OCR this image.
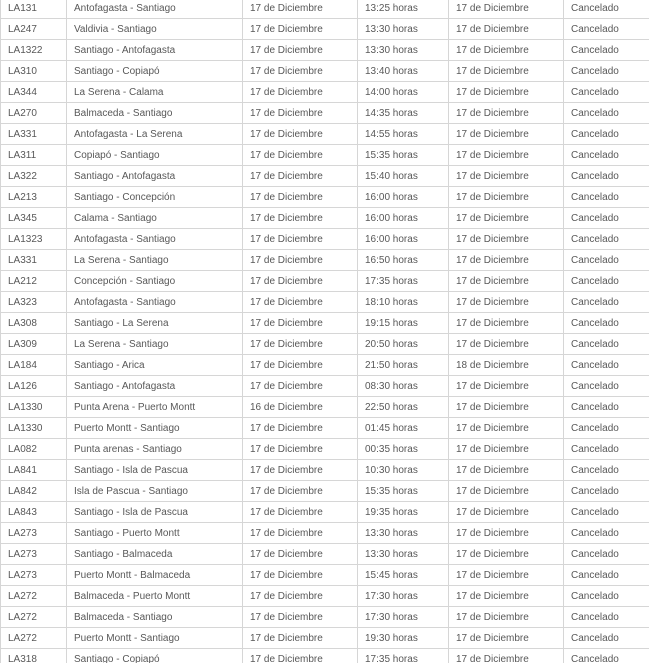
LA131	Antofagasta - Santiago	17 de Diciembre	13:25 horas	17 de Diciembre	Cancelado
LA247	Valdivia - Santiago	17 de Diciembre	13:30 horas	17 de Diciembre	Cancelado
LA1322	Santiago - Antofagasta	17 de Diciembre	13:30 horas	17 de Diciembre	Cancelado
LA310	Santiago - Copiapó	17 de Diciembre	13:40 horas	17 de Diciembre	Cancelado
LA344	La Serena - Calama	17 de Diciembre	14:00 horas	17 de Diciembre	Cancelado
LA270	Balmaceda - Santiago	17 de Diciembre	14:35 horas	17 de Diciembre	Cancelado
LA331	Antofagasta - La Serena	17 de Diciembre	14:55 horas	17 de Diciembre	Cancelado
LA311	Copiapó - Santiago	17 de Diciembre	15:35 horas	17 de Diciembre	Cancelado
LA322	Santiago - Antofagasta	17 de Diciembre	15:40 horas	17 de Diciembre	Cancelado
LA213	Santiago - Concepción	17 de Diciembre	16:00 horas	17 de Diciembre	Cancelado
LA345	Calama - Santiago	17 de Diciembre	16:00 horas	17 de Diciembre	Cancelado
LA1323	Antofagasta - Santiago	17 de Diciembre	16:00 horas	17 de Diciembre	Cancelado
LA331	La Serena - Santiago	17 de Diciembre	16:50 horas	17 de Diciembre	Cancelado
LA212	Concepción - Santiago	17 de Diciembre	17:35 horas	17 de Diciembre	Cancelado
LA323	Antofagasta - Santiago	17 de Diciembre	18:10 horas	17 de Diciembre	Cancelado
LA308	Santiago - La Serena	17 de Diciembre	19:15 horas	17 de Diciembre	Cancelado
LA309	La Serena - Santiago	17 de Diciembre	20:50 horas	17 de Diciembre	Cancelado
LA184	Santiago - Arica	17 de Diciembre	21:50 horas	18 de Diciembre	Cancelado
LA126	Santiago - Antofagasta	17 de Diciembre	08:30 horas	17 de Diciembre	Cancelado
LA1330	Punta Arena - Puerto Montt	16 de Diciembre	22:50 horas	17 de Diciembre	Cancelado
LA1330	Puerto Montt - Santiago	17 de Diciembre	01:45 horas	17 de Diciembre	Cancelado
LA082	Punta arenas - Santiago	17 de Diciembre	00:35 horas	17 de Diciembre	Cancelado
LA841	Santiago - Isla de Pascua	17 de Diciembre	10:30 horas	17 de Diciembre	Cancelado
LA842	Isla de Pascua - Santiago	17 de Diciembre	15:35 horas	17 de Diciembre	Cancelado
LA843	Santiago - Isla de Pascua	17 de Diciembre	19:35 horas	17 de Diciembre	Cancelado
LA273	Santiago - Puerto Montt	17 de Diciembre	13:30 horas	17 de Diciembre	Cancelado
LA273	Santiago - Balmaceda	17 de Diciembre	13:30 horas	17 de Diciembre	Cancelado
LA273	Puerto Montt - Balmaceda	17 de Diciembre	15:45 horas	17 de Diciembre	Cancelado
LA272	Balmaceda - Puerto Montt	17 de Diciembre	17:30 horas	17 de Diciembre	Cancelado
LA272	Balmaceda - Santiago	17 de Diciembre	17:30 horas	17 de Diciembre	Cancelado
LA272	Puerto Montt - Santiago	17 de Diciembre	19:30 horas	17 de Diciembre	Cancelado
LA318	Santiago - Copiapó	17 de Diciembre	17:35 horas	17 de Diciembre	Cancelado
